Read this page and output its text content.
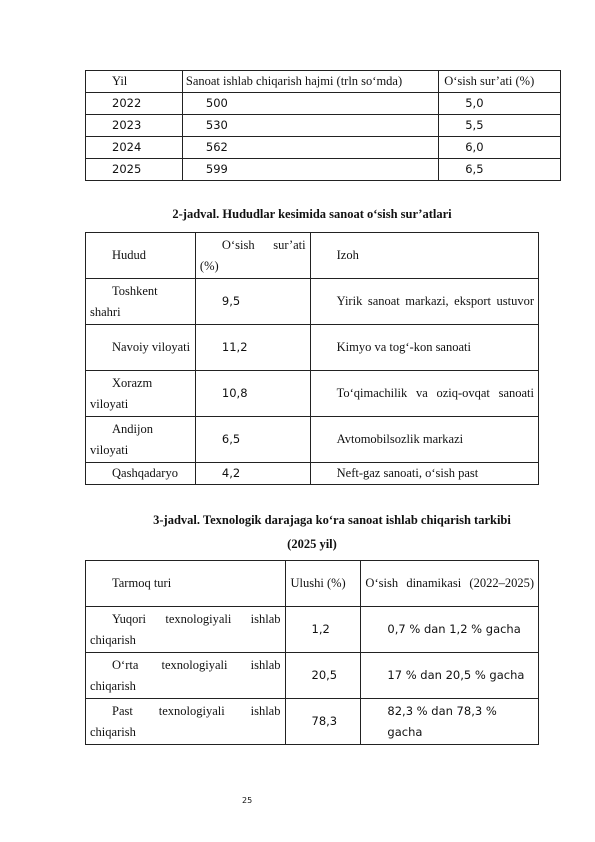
Yil	Sanoat ishlab chiqarish hajmi (trln so‘mda)	O‘sish sur’ati (%)
2022	500	5,0
2023	530	5,5
2024	562	6,0
2025	599	6,5
2-jadval. Hududlar kesimida sanoat o‘sish sur’atlari
Hudud	O‘sish sur’ati (%)	Izoh

Toshkent shahri	9,5	Yirik sanoat markazi, eksport ustuvor

Navoiy viloyati	11,2	Kimyo va tog‘-kon sanoati

Xorazm viloyati	10,8	To‘qimachilik va oziq-ovqat sanoati

Andijon viloyati	6,5	Avtomobilsozlik markazi
Qashqadaryo	4,2	Neft-gaz sanoati, o‘sish past
3-jadval. Texnologik darajaga ko‘ra sanoat ishlab chiqarish tarkibi
(2025 yil)
Tarmoq turi	Ulushi (%)	O‘sish dinamikasi (2022–2025)

Yuqori texnologiyali ishlab chiqarish	1,2	0,7 % dan 1,2 % gacha

O‘rta texnologiyali ishlab chiqarish	20,5	17 % dan 20,5 % gacha

Past texnologiyali ishlab chiqarish	78,3	82,3 % dan 78,3 % gacha
25
